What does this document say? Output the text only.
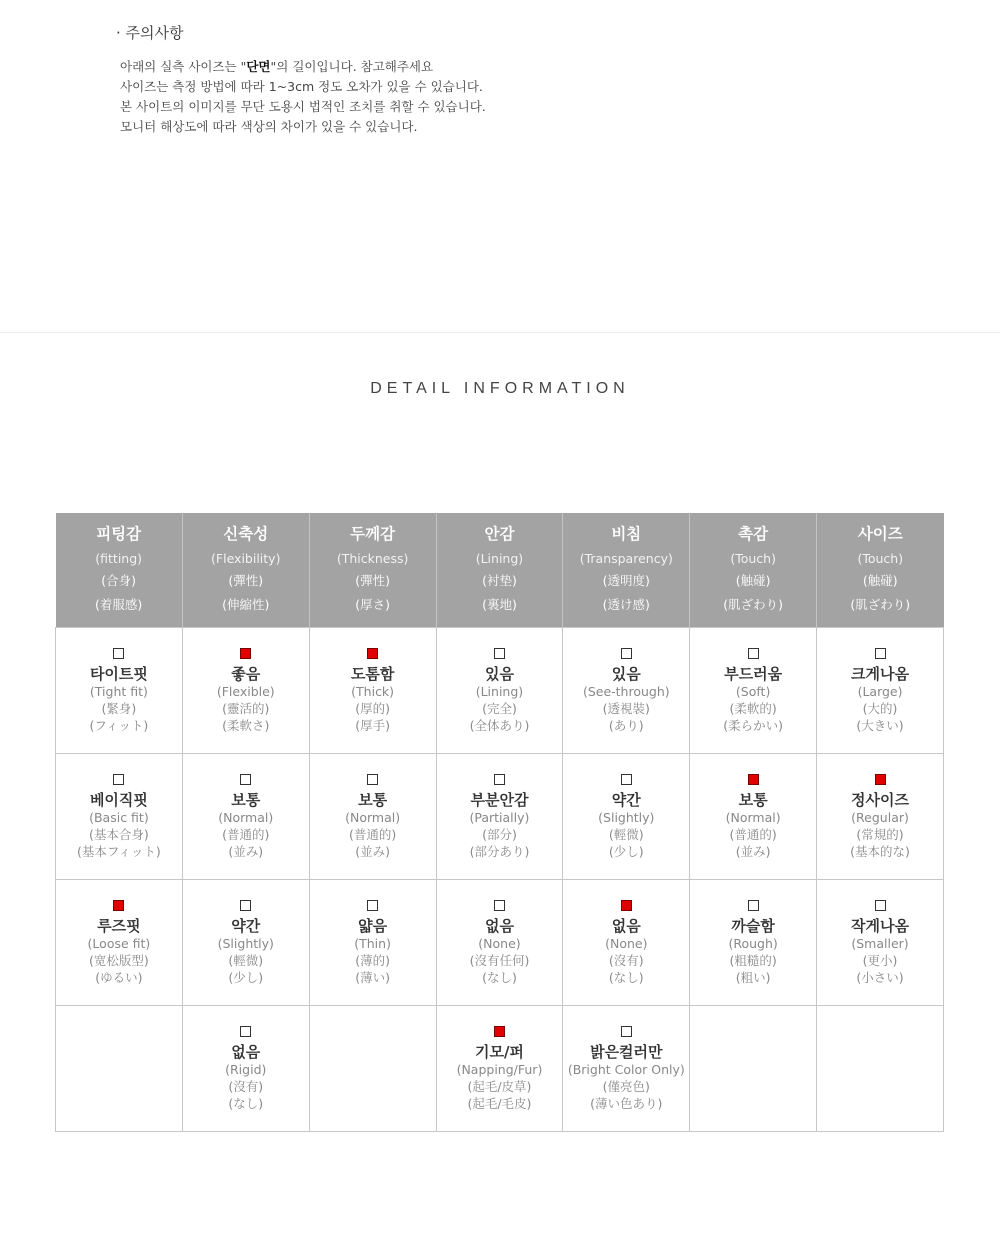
· 주의사항
아래의 실측 사이즈는 "단면"의 길이입니다. 참고해주세요
사이즈는 측정 방법에 따라 1~3cm 정도 오차가 있을 수 있습니다.
본 사이트의 이미지를 무단 도용시 법적인 조치를 취할 수 있습니다.
모니터 해상도에 따라 색상의 차이가 있을 수 있습니다.
DETAIL INFORMATION
피팅감
(fitting)
(合身)
(着服感)	신축성
(Flexibility)
(彈性)
(伸縮性)	두께감
(Thickness)
(彈性)
(厚さ)	안감
(Lining)
(衬垫)
(裏地)	비침
(Transparency)
(透明度)
(透け感)	촉감
(Touch)
(触碰)
(肌ざわり)	사이즈
(Touch)
(触碰)
(肌ざわり)

타이트핏
(Tight fit)
(緊身)
(フィット)	좋음
(Flexible)
(靈活的)
(柔軟さ)	도톰함
(Thick)
(厚的)
(厚手)	있음
(Lining)
(完全)
(全体あり)	있음
(See-through)
(透視裝)
(あり)	부드러움
(Soft)
(柔軟的)
(柔らかい)	크게나옴
(Large)
(大的)
(大きい)

베이직핏
(Basic fit)
(基本合身)
(基本フィット)	보통
(Normal)
(普通的)
(並み)	보통
(Normal)
(普通的)
(並み)	부분안감
(Partially)
(部分)
(部分あり)	약간
(Slightly)
(輕微)
(少し)	보통
(Normal)
(普通的)
(並み)	정사이즈
(Regular)
(常規的)
(基本的な)

루즈핏
(Loose fit)
(宽松版型)
(ゆるい)	약간
(Slightly)
(輕微)
(少し)	얇음
(Thin)
(薄的)
(薄い)	없음
(None)
(沒有任何)
(なし)	없음
(None)
(沒有)
(なし)	까슬함
(Rough)
(粗糙的)
(粗い)	작게나옴
(Smaller)
(更小)
(小さい)

	없음
(Rigid)
(沒有)
(なし)		기모/퍼
(Napping/Fur)
(起毛/皮草)
(起毛/毛皮)	밝은컬러만
(Bright Color Only)
(僅亮色)
(薄い色あり)		
